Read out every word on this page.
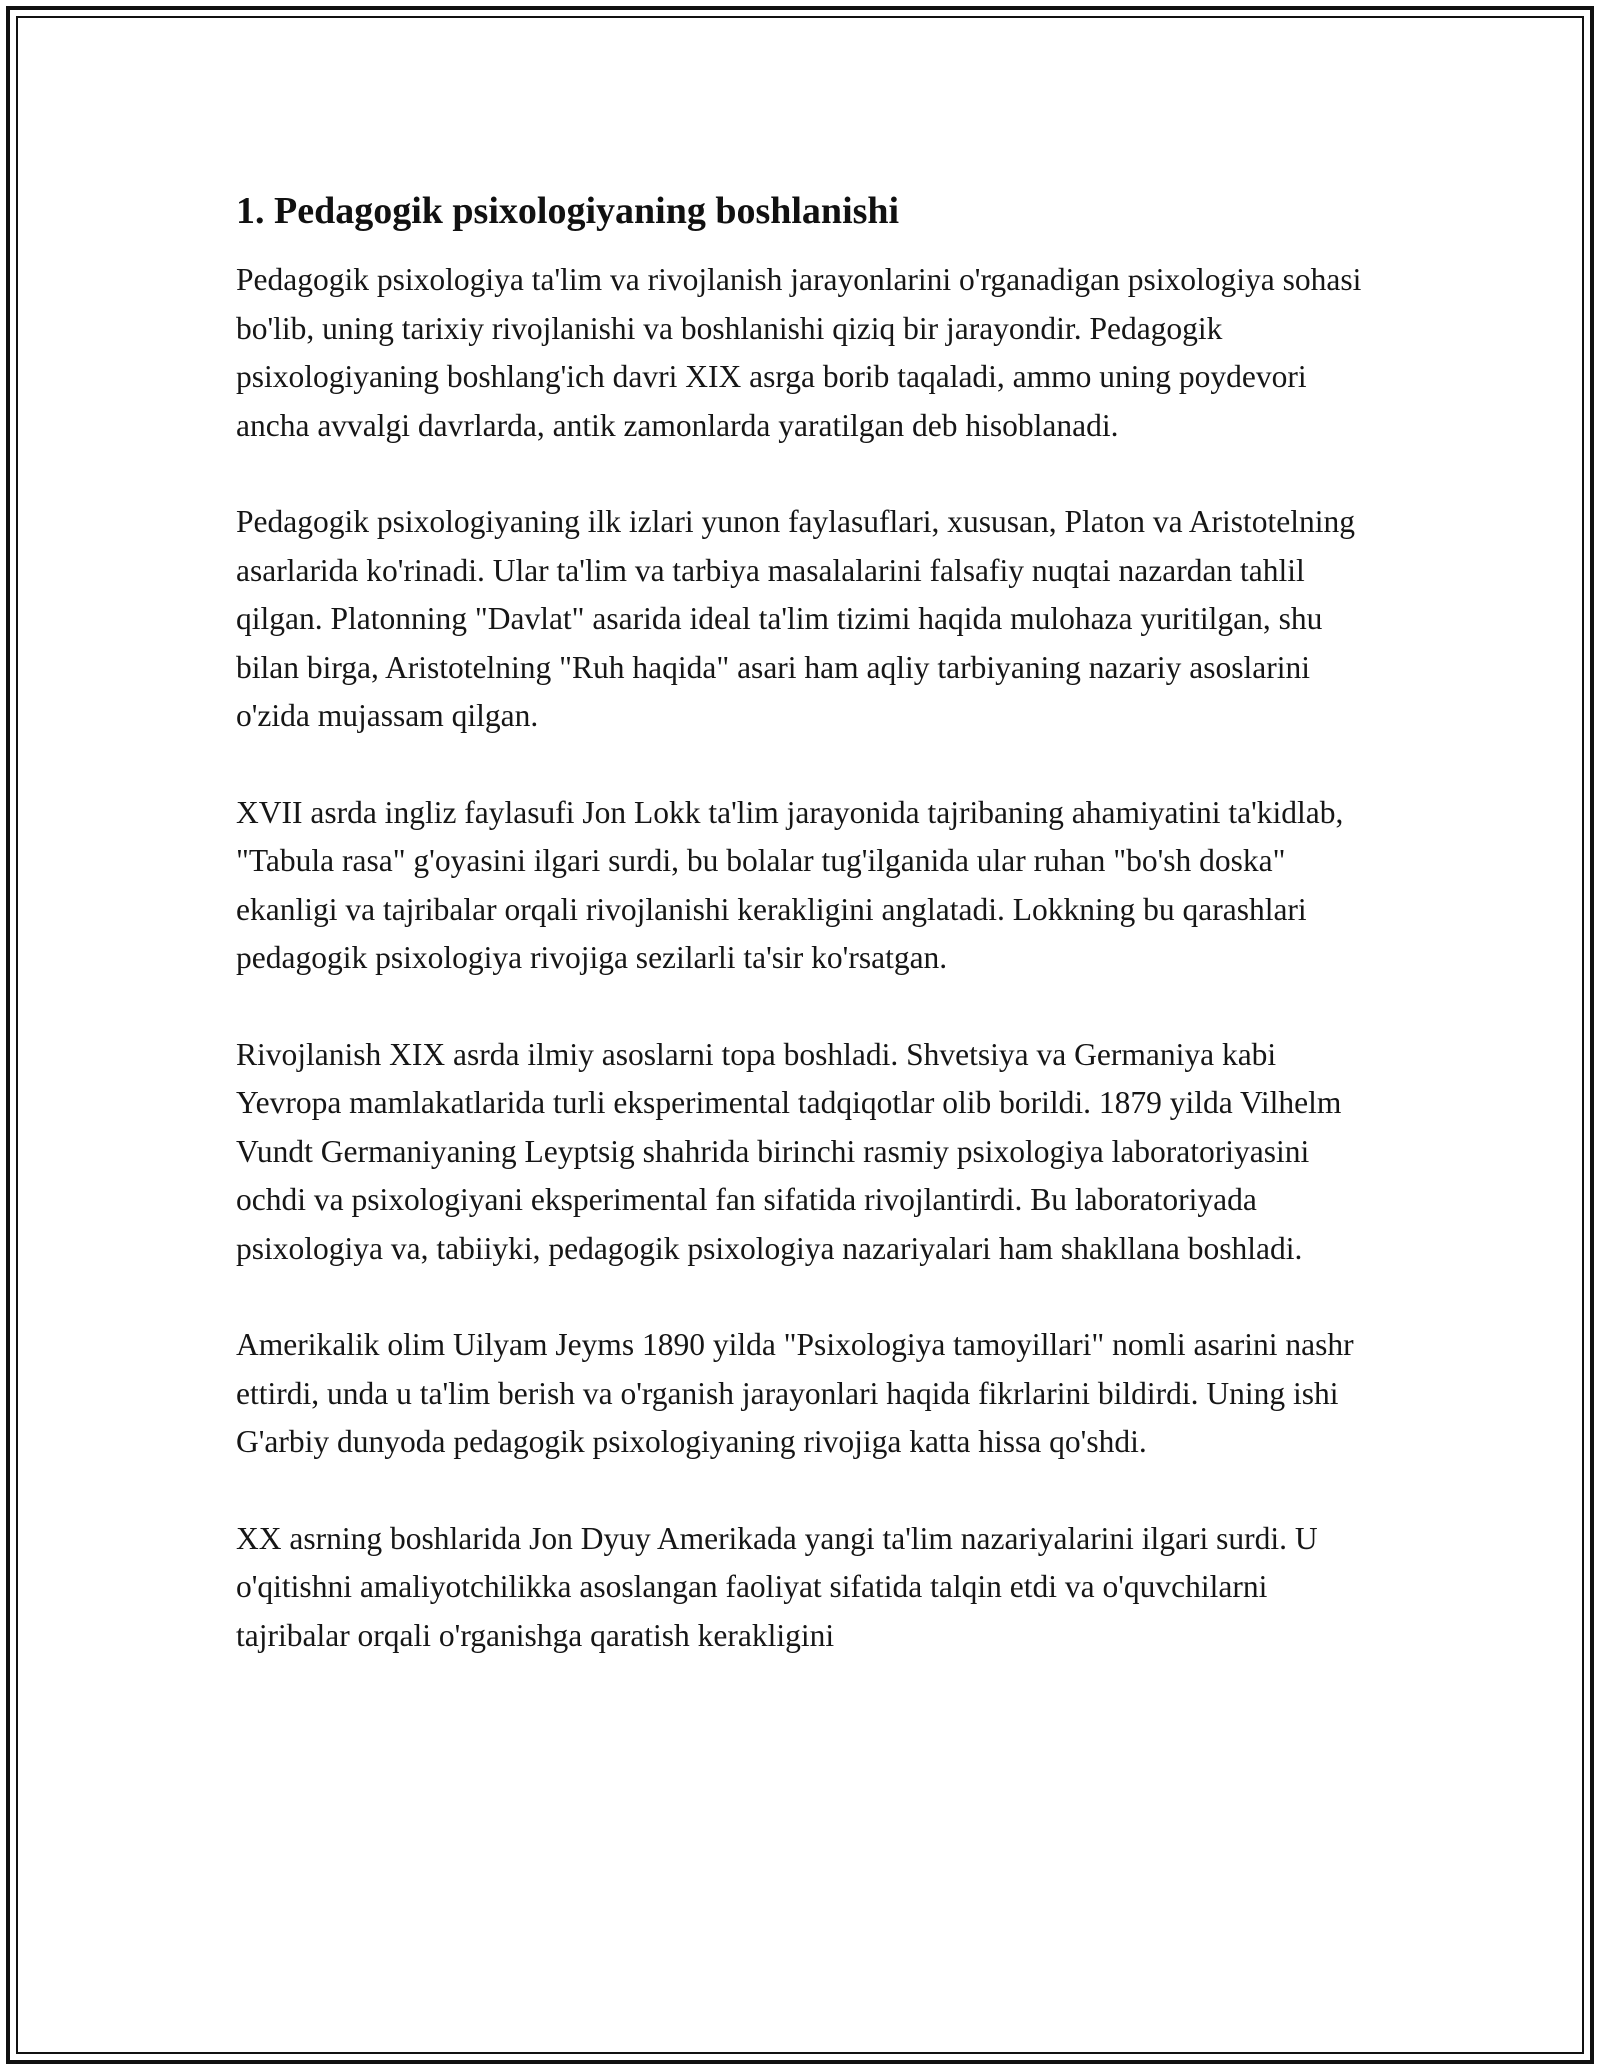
1. Pedagogik psixologiyaning boshlanishi

Pedagogik psixologiya ta'lim va rivojlanish jarayonlarini o'rganadigan psixologiya sohasi bo'lib, uning tarixiy rivojlanishi va boshlanishi qiziq bir jarayondir. Pedagogik psixologiyaning boshlang'ich davri XIX asrga borib taqaladi, ammo uning poydevori ancha avvalgi davrlarda, antik zamonlarda yaratilgan deb hisoblanadi.

Pedagogik psixologiyaning ilk izlari yunon faylasuflari, xususan, Platon va Aristotelning asarlarida ko'rinadi. Ular ta'lim va tarbiya masalalarini falsafiy nuqtai nazardan tahlil qilgan. Platonning "Davlat" asarida ideal ta'lim tizimi haqida mulohaza yuritilgan, shu bilan birga, Aristotelning "Ruh haqida" asari ham aqliy tarbiyaning nazariy asoslarini o'zida mujassam qilgan.

XVII asrda ingliz faylasufi Jon Lokk ta'lim jarayonida tajribaning ahamiyatini ta'kidlab, "Tabula rasa" g'oyasini ilgari surdi, bu bolalar tug'ilganida ular ruhan "bo'sh doska" ekanligi va tajribalar orqali rivojlanishi kerakligini anglatadi. Lokkning bu qarashlari pedagogik psixologiya rivojiga sezilarli ta'sir ko'rsatgan.

Rivojlanish XIX asrda ilmiy asoslarni topa boshladi. Shvetsiya va Germaniya kabi Yevropa mamlakatlarida turli eksperimental tadqiqotlar olib borildi. 1879 yilda Vilhelm Vundt Germaniyaning Leyptsig shahrida birinchi rasmiy psixologiya laboratoriyasini ochdi va psixologiyani eksperimental fan sifatida rivojlantirdi. Bu laboratoriyada psixologiya va, tabiiyki, pedagogik psixologiya nazariyalari ham shakllana boshladi.

Amerikalik olim Uilyam Jeyms 1890 yilda "Psixologiya tamoyillari" nomli asarini nashr ettirdi, unda u ta'lim berish va o'rganish jarayonlari haqida fikrlarini bildirdi. Uning ishi G'arbiy dunyoda pedagogik psixologiyaning rivojiga katta hissa qo'shdi.

XX asrning boshlarida Jon Dyuy Amerikada yangi ta'lim nazariyalarini ilgari surdi. U o'qitishni amaliyotchilikka asoslangan faoliyat sifatida talqin etdi va o'quvchilarni tajribalar orqali o'rganishga qaratish kerakligini
